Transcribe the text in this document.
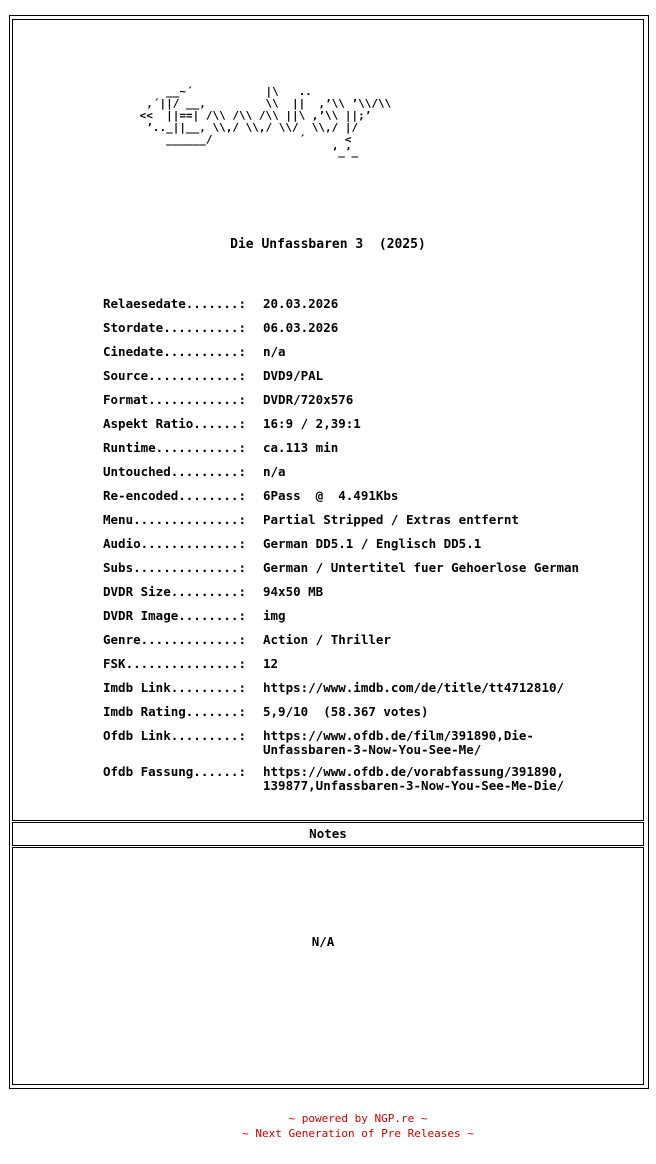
__~´           |\   ..
,´||/ __,         \\  ||  ,’\\ ’\\/\\
<<  ||==| /\\ /\\ /\\ ||\ ,’\\ ||;’
’.._||__, \\,/ \\,/ \\/  \\,/ |/
______/             ´      <
‘_’_
Die Unfassbaren 3  (2025)
Relaesedate.......:	20.03.2026
Stordate..........:	06.03.2026
Cinedate..........:	n/a
Source............:	DVD9/PAL
Format............:	DVDR/720x576
Aspekt Ratio......:	16:9 / 2,39:1
Runtime...........:	ca.113 min
Untouched.........:	n/a
Re-encoded........:	6Pass  @  4.491Kbs
Menu..............:	Partial Stripped / Extras entfernt
Audio.............:	German DD5.1 / Englisch DD5.1
Subs..............:	German / Untertitel fuer Gehoerlose German
DVDR Size.........:	94x50 MB
DVDR Image........:	img
Genre.............:	Action / Thriller
FSK...............:	12
Imdb Link.........:	https://www.imdb.com/de/title/tt4712810/
Imdb Rating.......:	5,9/10  (58.367 votes)
Ofdb Link.........:	https://www.ofdb.de/film/391890,Die-
Unfassbaren-3-Now-You-See-Me/
Ofdb Fassung......:	https://www.ofdb.de/vorabfassung/391890,
139877,Unfassbaren-3-Now-You-See-Me-Die/
Notes
N/A
~ powered by NGP.re ~
~ Next Generation of Pre Releases ~
